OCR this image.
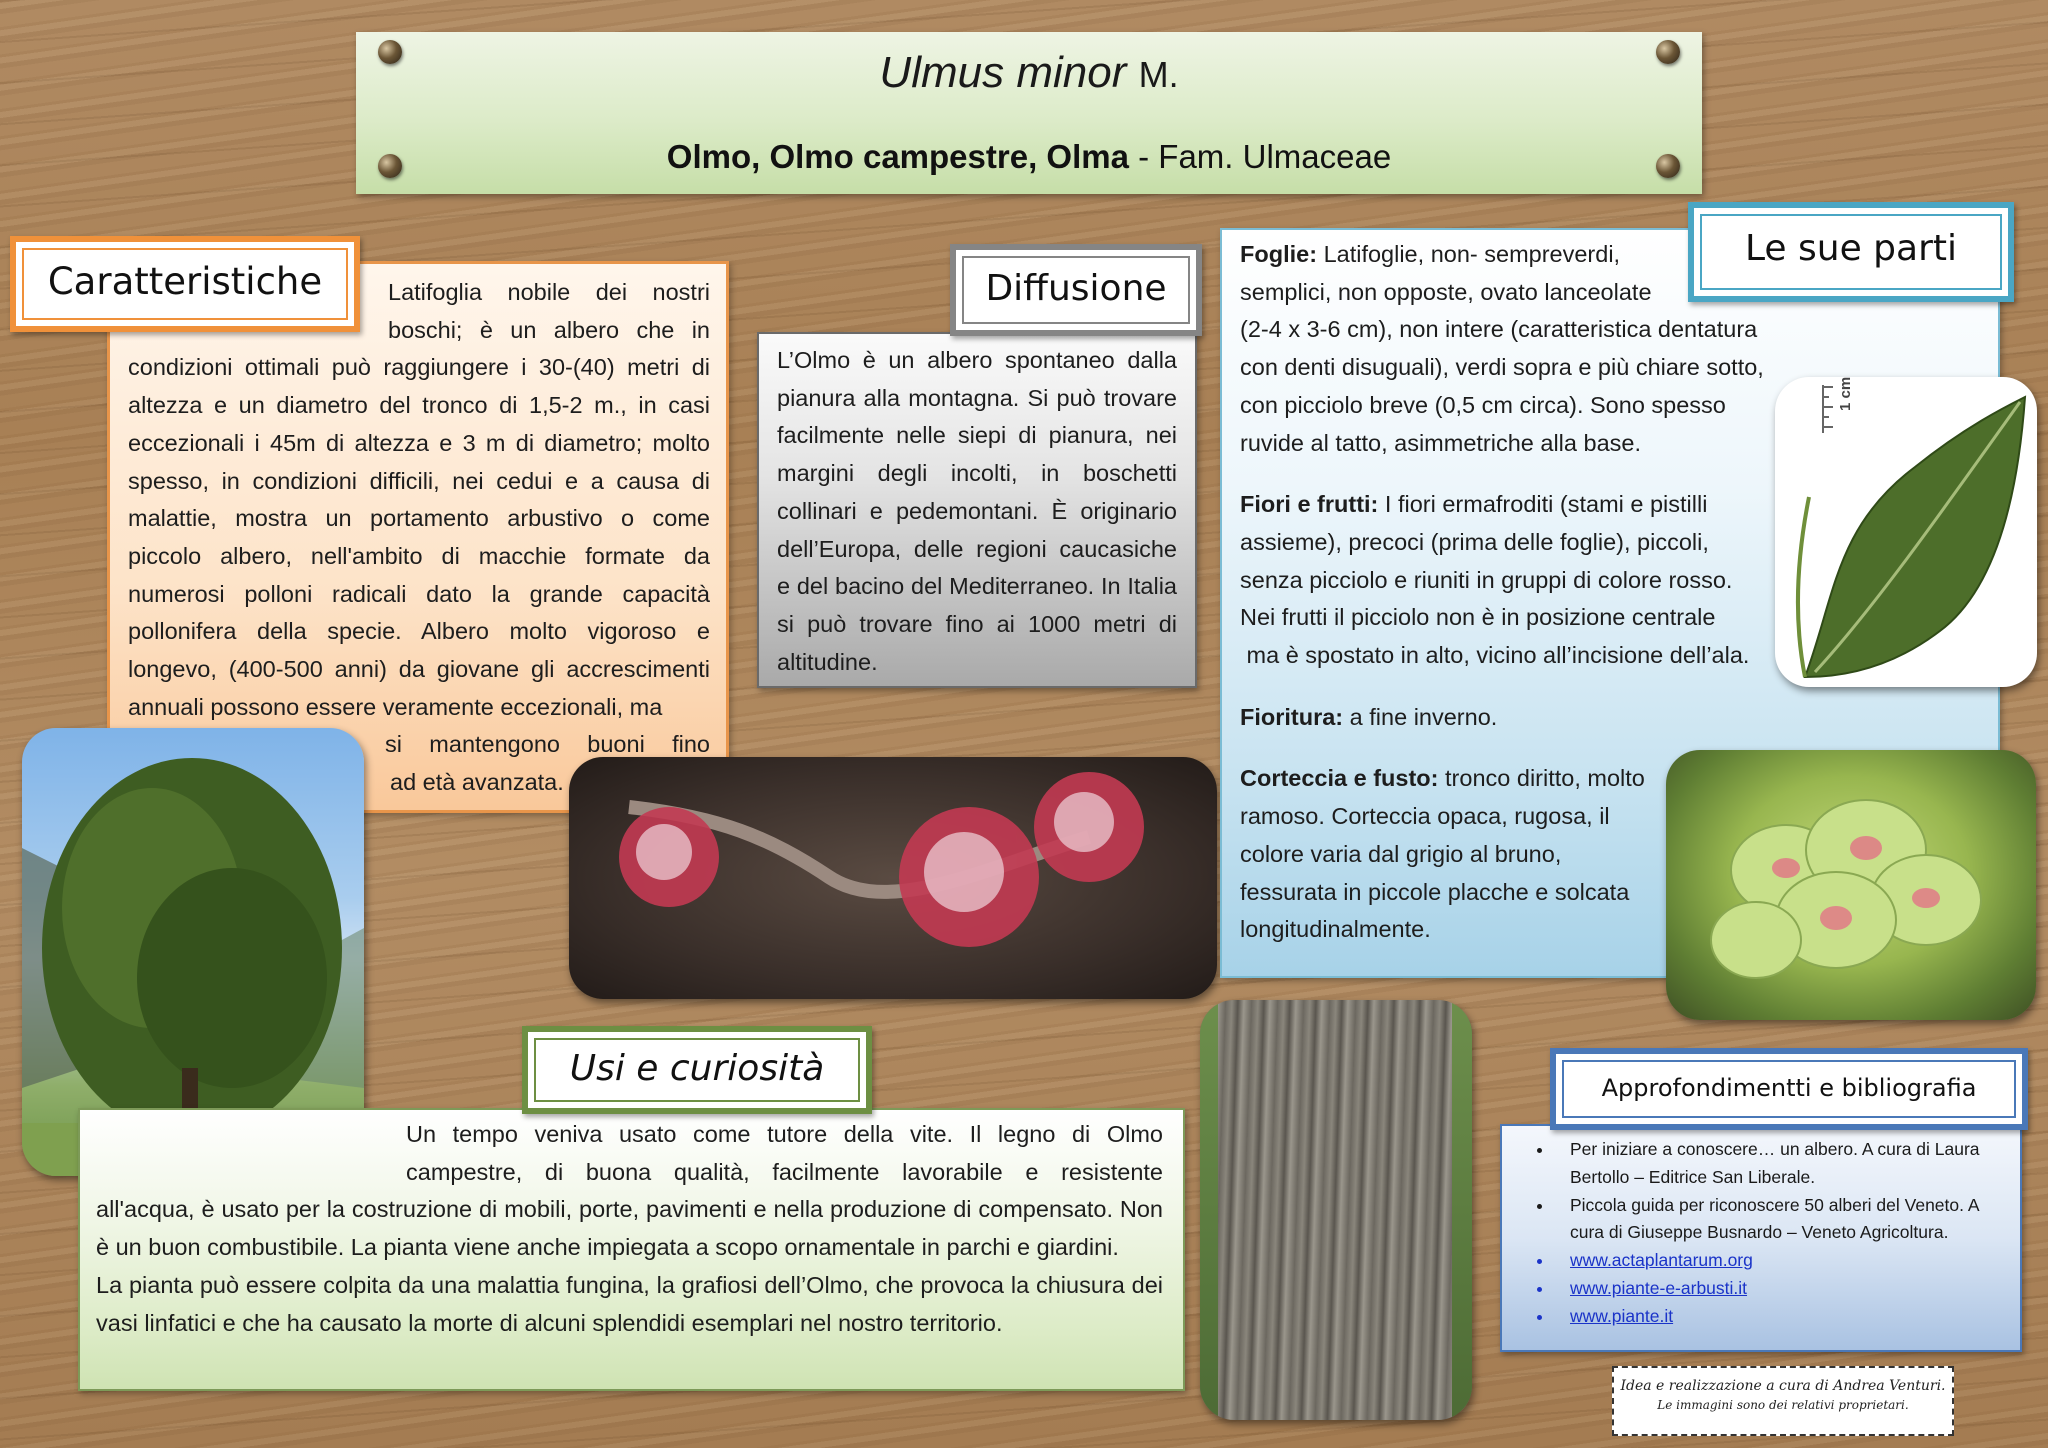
Ulmus minor M.
Olmo, Olmo campestre, Olma - Fam. Ulmaceae
Latifoglia nobile dei nostri
boschi; è un albero che in
condizioni ottimali può raggiungere i 30-(40) metri di altezza e un diametro del tronco di 1,5-2 m., in casi eccezionali i 45m di altezza e 3 m di diametro; molto spesso, in condizioni difficili, nei cedui e a causa di malattie, mostra un portamento arbustivo o come piccolo albero, nell'ambito di macchie formate da numerosi polloni radicali dato la grande capacità pollonifera della specie. Albero molto vigoroso e longevo, (400-500 anni) da giovane gli accrescimenti annuali possono essere veramente eccezionali, ma
si mantengono buoni fino
ad età avanzata.
Caratteristiche
L’Olmo è un albero spontaneo dalla pianura alla montagna. Si può trovare facilmente nelle siepi di pianura, nei margini degli incolti, in boschetti collinari e pedemontani. È originario dell’Europa, delle regioni caucasiche e del bacino del Mediterraneo. In Italia si può trovare fino ai 1000 metri di altitudine.
Diffusione
Foglie: Latifoglie, non- sempreverdi,
semplici, non opposte, ovato lanceolate
(2-4 x 3-6 cm), non intere (caratteristica dentatura
con denti disuguali), verdi sopra e più chiare sotto,
con picciolo breve (0,5 cm circa). Sono spesso
ruvide al tatto, asimmetriche alla base.
Fiori e frutti: I fiori ermafroditi (stami e pistilli
assieme), precoci (prima delle foglie), piccoli,
senza picciolo e riuniti in gruppi di colore rosso.
Nei frutti il picciolo non è in posizione centrale
ma è spostato in alto, vicino all’incisione dell’ala.
Fioritura: a fine inverno.
Corteccia e fusto: tronco diritto, molto
ramoso. Corteccia opaca, rugosa, il
colore varia dal grigio al bruno,
fessurata in piccole placche e solcata
longitudinalmente.
Le sue parti
1 cm
Un tempo veniva usato come tutore della vite. Il legno di Olmo
campestre, di buona qualità, facilmente lavorabile e resistente
all'acqua, è usato per la costruzione di mobili, porte, pavimenti e nella produzione di compensato. Non è un buon combustibile. La pianta viene anche impiegata a scopo ornamentale in parchi e giardini.
La pianta può essere colpita da una malattia fungina, la grafiosi dell’Olmo, che provoca la chiusura dei vasi linfatici e che ha causato la morte di alcuni splendidi esemplari nel nostro territorio.
Usi e curiosità
• Per iniziare a conoscere… un albero. A cura di Laura Bertollo – Editrice San Liberale.
• Piccola guida per riconoscere 50 alberi del Veneto. A cura di Giuseppe Busnardo – Veneto Agricoltura.
• www.actaplantarum.org
• www.piante-e-arbusti.it
• www.piante.it
Approfondimentti e bibliografia
Idea e realizzazione a cura di Andrea Venturi.
Le immagini sono dei relativi proprietari.
